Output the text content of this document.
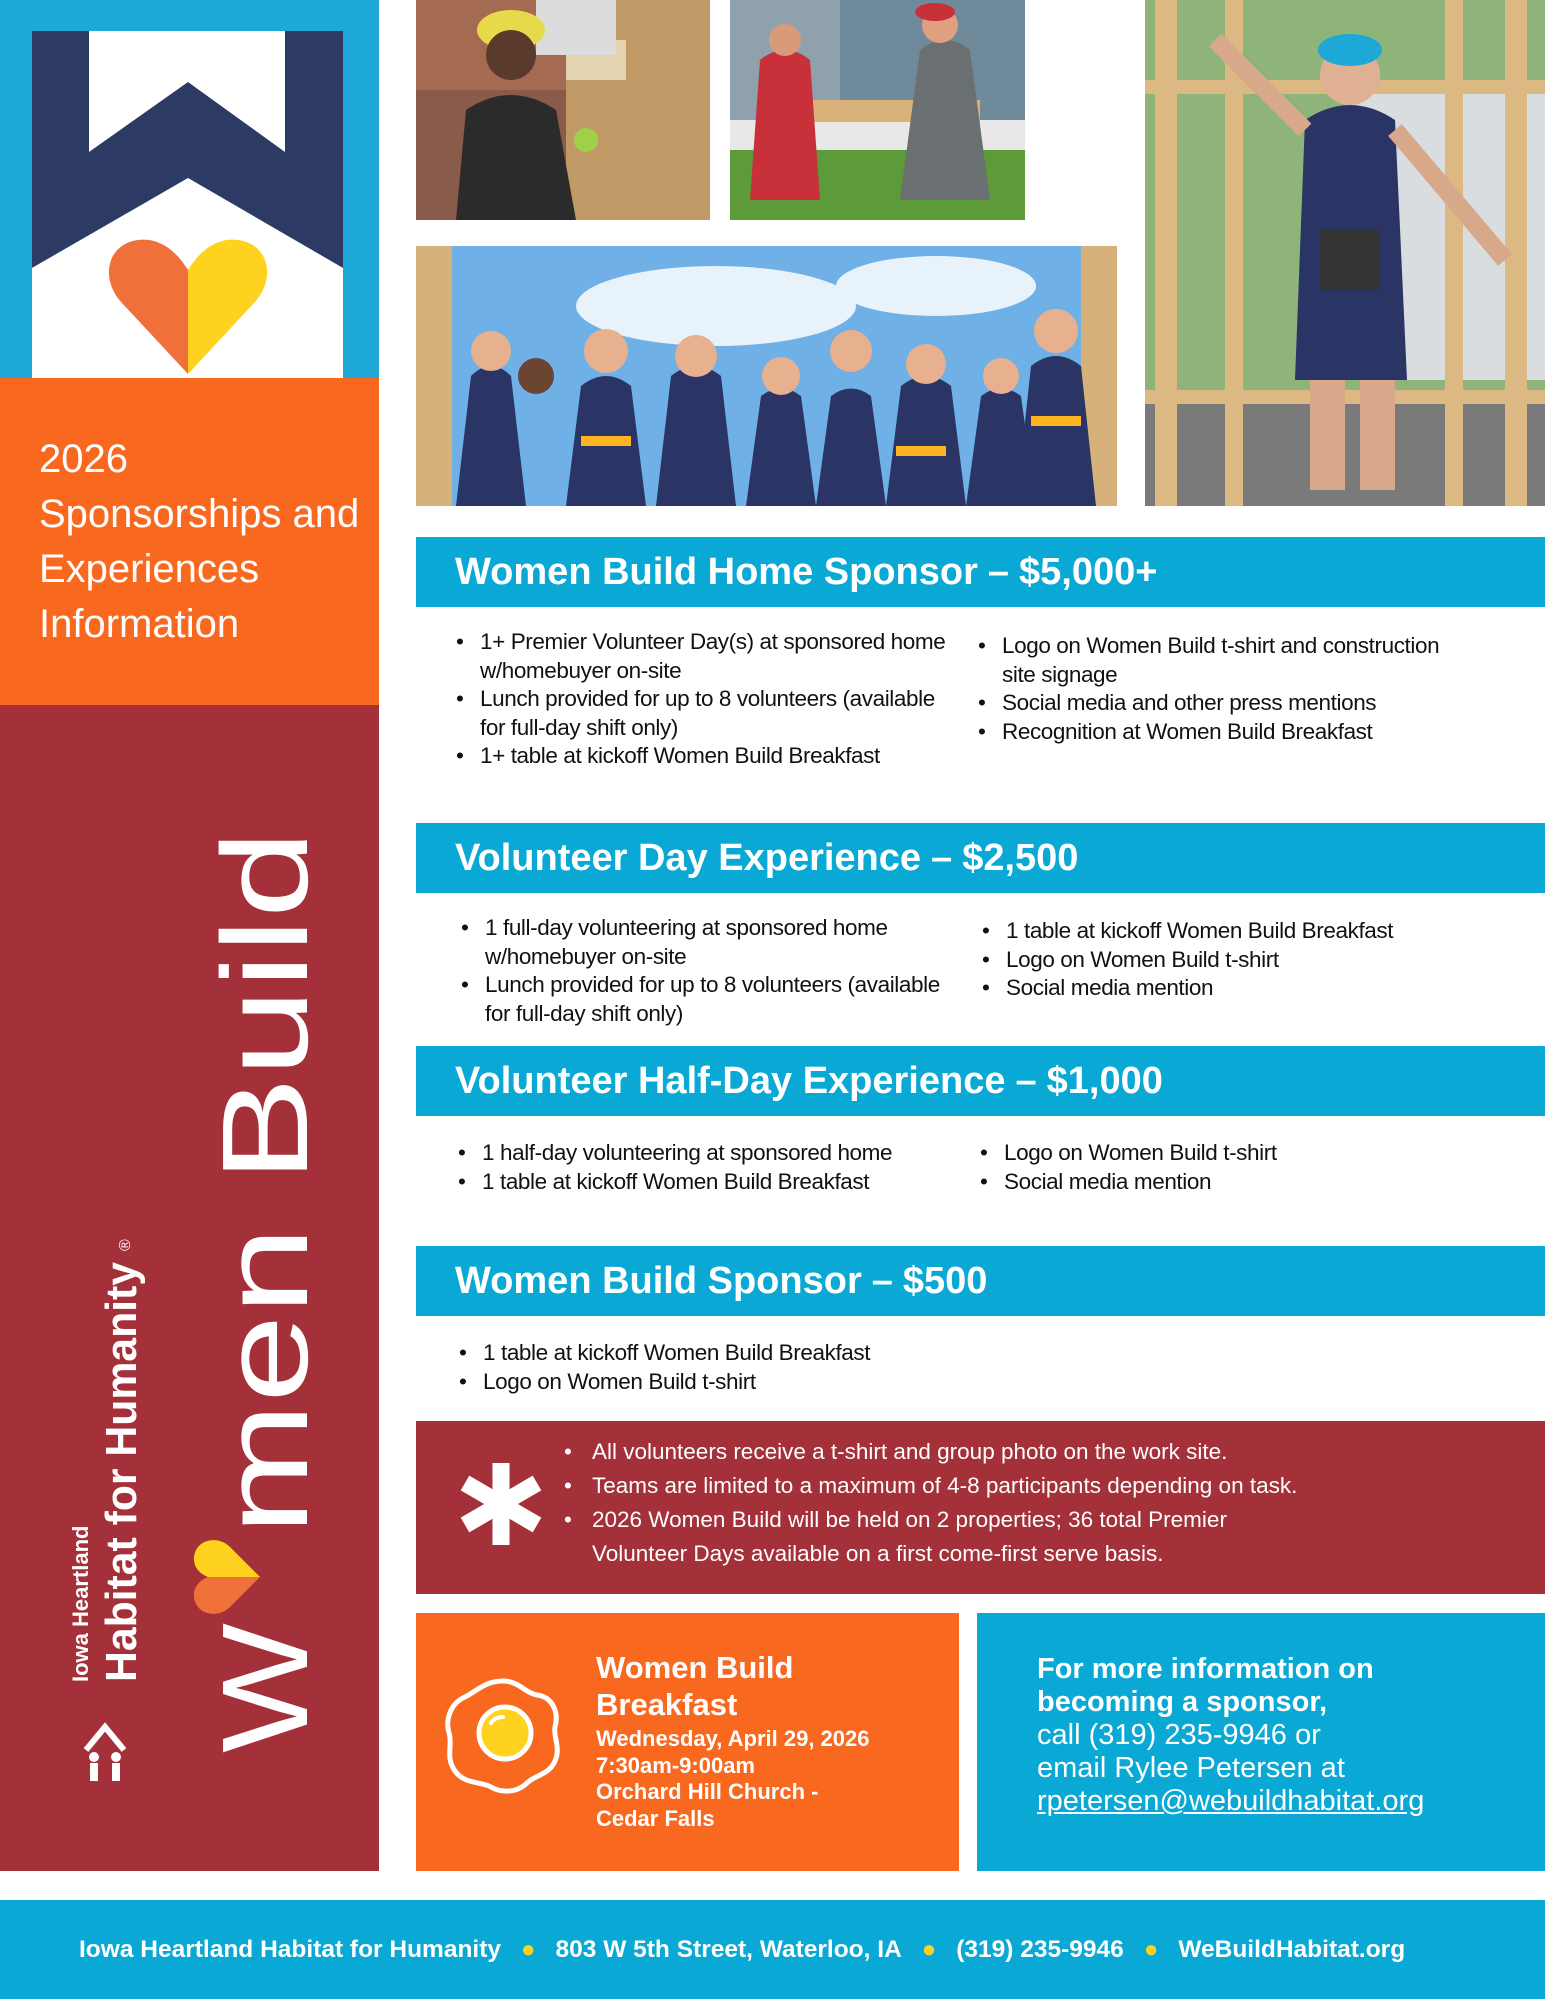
2026 Sponsorships and Experiences Information
Iowa Heartland Habitat for Humanity
®
W
men Build
Women Build Home Sponsor – $5,000+
• 1+ Premier Volunteer Day(s) at sponsored home w/homebuyer on-site
• Lunch provided for up to 8 volunteers (available for full-day shift only)
• 1+ table at kickoff Women Build Breakfast
• Logo on Women Build t-shirt and construction site signage
• Social media and other press mentions
• Recognition at Women Build Breakfast
Volunteer Day Experience – $2,500
• 1 full-day volunteering at sponsored home w/homebuyer on-site
• Lunch provided for up to 8 volunteers (available for full-day shift only)
• 1 table at kickoff Women Build Breakfast
• Logo on Women Build t-shirt
• Social media mention
Volunteer Half-Day Experience – $1,000
• 1 half-day volunteering at sponsored home
• 1 table at kickoff Women Build Breakfast
• Logo on Women Build t-shirt
• Social media mention
Women Build Sponsor – $500
• 1 table at kickoff Women Build Breakfast
• Logo on Women Build t-shirt
• All volunteers receive a t-shirt and group photo on the work site.
• Teams are limited to a maximum of 4-8 participants depending on task.
• 2026 Women Build will be held on 2 properties; 36 total Premier Volunteer Days available on a first come-first serve basis.
Women Build Breakfast
Wednesday, April 29, 2026
7:30am-9:00am
Orchard Hill Church - Cedar Falls
For more information on becoming a sponsor,
call (319) 235-9946 or
email Rylee Petersen at
rpetersen@webuildhabitat.org
Iowa Heartland Habitat for Humanity ● 803 W 5th Street, Waterloo, IA ● (319) 235-9946 ● WeBuildHabitat.org
